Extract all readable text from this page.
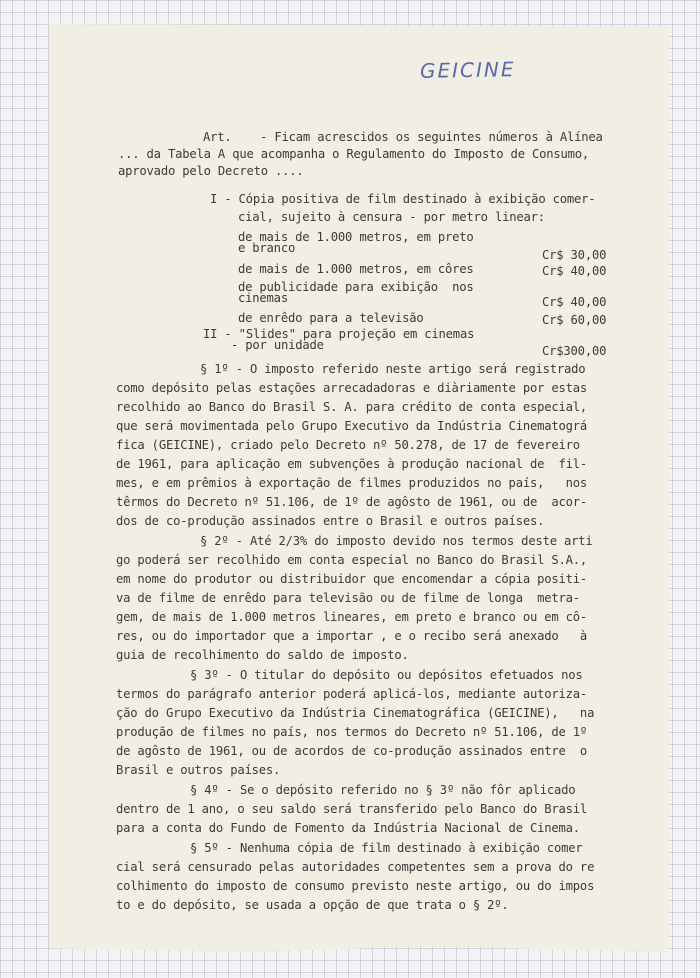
GEICINE
Art.    - Ficam acrescidos os seguintes números à Alínea
... da Tabela A que acompanha o Regulamento do Imposto de Consumo,
aprovado pelo Decreto ....
I - Cópia positiva de film destinado à exibição comer-
cial, sujeito à censura - por metro linear:
de mais de 1.000 metros, em preto
e branco	Cr$ 30,00
de mais de 1.000 metros, em côres	Cr$ 40,00
de publicidade para exibição  nos
cinemas	Cr$ 40,00
de enrêdo para a televisão	Cr$ 60,00
II - "Slides" para projeção em cinemas
- por unidade	Cr$300,00
§ 1º - O imposto referido neste artigo será registrado
como depósito pelas estações arrecadadoras e diàriamente por estas
recolhido ao Banco do Brasil S. A. para crédito de conta especial,
que será movimentada pelo Grupo Executivo da Indústria Cinematográ
fica (GEICINE), criado pelo Decreto nº 50.278, de 17 de fevereiro
de 1961, para aplicação em subvenções à produção nacional de  fil-
mes, e em prêmios à exportação de filmes produzidos no país,   nos
têrmos do Decreto nº 51.106, de 1º de agôsto de 1961, ou de  acor-
dos de co-produção assinados entre o Brasil e outros países.
§ 2º - Até 2/3% do imposto devido nos termos deste arti
go poderá ser recolhido em conta especial no Banco do Brasil S.A.,
em nome do produtor ou distribuidor que encomendar a cópia positi-
va de filme de enrêdo para televisão ou de filme de longa  metra-
gem, de mais de 1.000 metros lineares, em preto e branco ou em cô-
res, ou do importador que a importar , e o recibo será anexado   à
guia de recolhimento do saldo de imposto.
§ 3º - O titular do depósito ou depósitos efetuados nos
termos do parágrafo anterior poderá aplicá-los, mediante autoriza-
ção do Grupo Executivo da Indústria Cinematográfica (GEICINE),   na
produção de filmes no país, nos termos do Decreto nº 51.106, de 1º
de agôsto de 1961, ou de acordos de co-produção assinados entre  o
Brasil e outros países.
§ 4º - Se o depósito referido no § 3º não fôr aplicado
dentro de 1 ano, o seu saldo será transferido pelo Banco do Brasil
para a conta do Fundo de Fomento da Indústria Nacional de Cinema.
§ 5º - Nenhuma cópia de film destinado à exibição comer
cial será censurado pelas autoridades competentes sem a prova do re
colhimento do imposto de consumo previsto neste artigo, ou do impos
to e do depósito, se usada a opção de que trata o § 2º.
